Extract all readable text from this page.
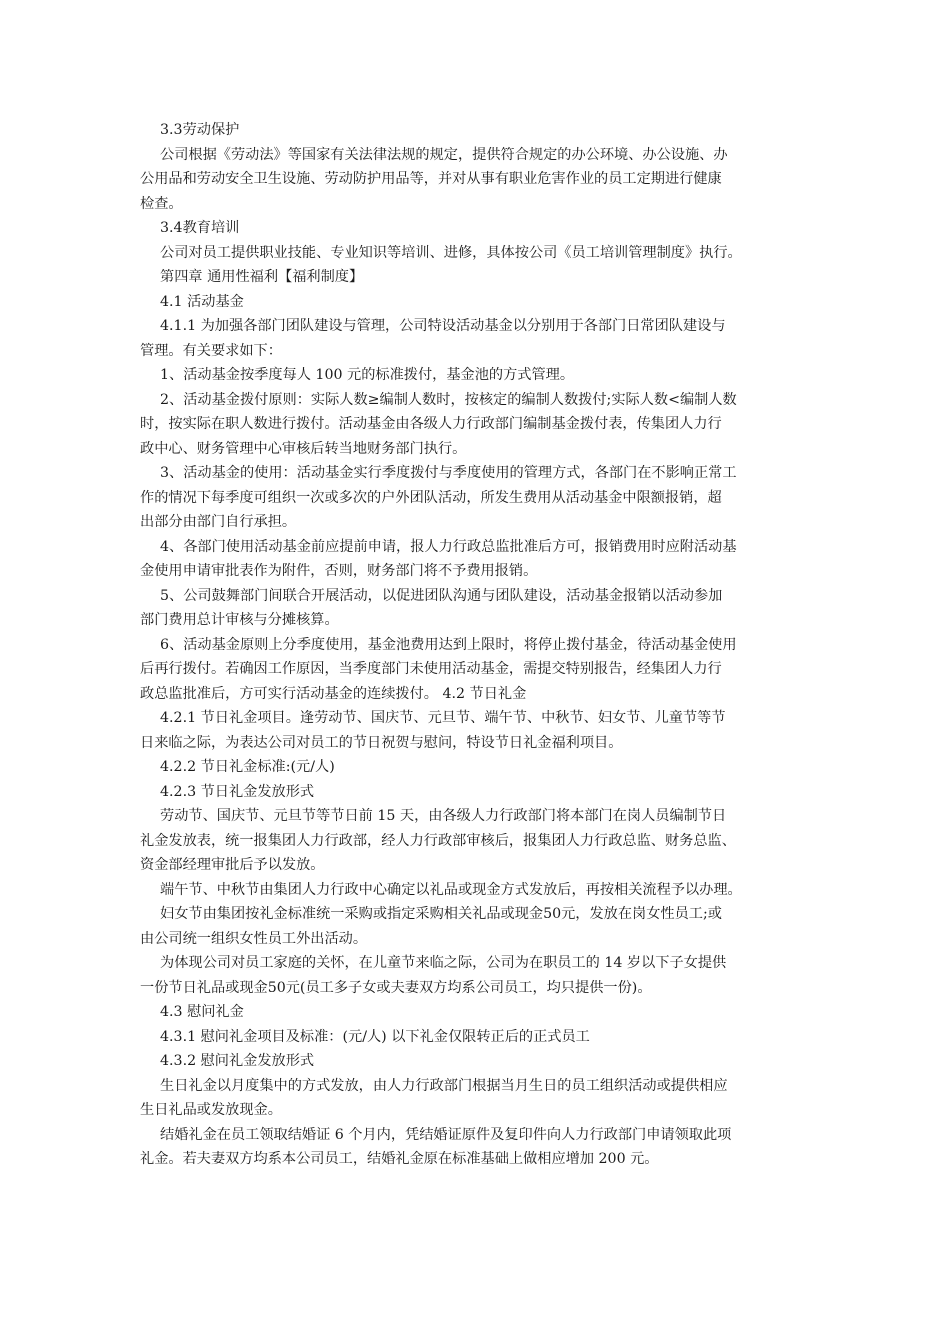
3.3劳动保护
公司根据《劳动法》等国家有关法律法规的规定，提供符合规定的办公环境、办公设施、办
公用品和劳动安全卫生设施、劳动防护用品等，并对从事有职业危害作业的员工定期进行健康
检查。
3.4教育培训
公司对员工提供职业技能、专业知识等培训、进修，具体按公司《员工培训管理制度》执行。
第四章 通用性福利【福利制度】
4.1 活动基金
4.1.1 为加强各部门团队建设与管理，公司特设活动基金以分别用于各部门日常团队建设与
管理。有关要求如下：
1、活动基金按季度每人 100 元的标准拨付，基金池的方式管理。
2、活动基金拨付原则：实际人数≥编制人数时，按核定的编制人数拨付;实际人数<编制人数
时，按实际在职人数进行拨付。活动基金由各级人力行政部门编制基金拨付表，传集团人力行
政中心、财务管理中心审核后转当地财务部门执行。
3、活动基金的使用：活动基金实行季度拨付与季度使用的管理方式，各部门在不影响正常工
作的情况下每季度可组织一次或多次的户外团队活动，所发生费用从活动基金中限额报销，超
出部分由部门自行承担。
4、各部门使用活动基金前应提前申请，报人力行政总监批准后方可，报销费用时应附活动基
金使用申请审批表作为附件，否则，财务部门将不予费用报销。
5、公司鼓舞部门间联合开展活动，以促进团队沟通与团队建设，活动基金报销以活动参加
部门费用总计审核与分摊核算。
6、活动基金原则上分季度使用，基金池费用达到上限时，将停止拨付基金，待活动基金使用
后再行拨付。若确因工作原因，当季度部门未使用活动基金，需提交特别报告，经集团人力行
政总监批准后，方可实行活动基金的连续拨付。 4.2 节日礼金
4.2.1 节日礼金项目。逢劳动节、国庆节、元旦节、端午节、中秋节、妇女节、儿童节等节
日来临之际，为表达公司对员工的节日祝贺与慰问，特设节日礼金福利项目。
4.2.2 节日礼金标准:(元/人)
4.2.3 节日礼金发放形式
劳动节、国庆节、元旦节等节日前 15 天，由各级人力行政部门将本部门在岗人员编制节日
礼金发放表，统一报集团人力行政部，经人力行政部审核后，报集团人力行政总监、财务总监、
资金部经理审批后予以发放。
端午节、中秋节由集团人力行政中心确定以礼品或现金方式发放后，再按相关流程予以办理。
妇女节由集团按礼金标准统一采购或指定采购相关礼品或现金50元，发放在岗女性员工;或
由公司统一组织女性员工外出活动。
为体现公司对员工家庭的关怀，在儿童节来临之际，公司为在职员工的 14 岁以下子女提供
一份节日礼品或现金50元(员工多子女或夫妻双方均系公司员工，均只提供一份)。
4.3 慰问礼金
4.3.1 慰问礼金项目及标准：(元/人) 以下礼金仅限转正后的正式员工
4.3.2 慰问礼金发放形式
生日礼金以月度集中的方式发放，由人力行政部门根据当月生日的员工组织活动或提供相应
生日礼品或发放现金。
结婚礼金在员工领取结婚证 6 个月内，凭结婚证原件及复印件向人力行政部门申请领取此项
礼金。若夫妻双方均系本公司员工，结婚礼金原在标准基础上做相应增加 200 元。
